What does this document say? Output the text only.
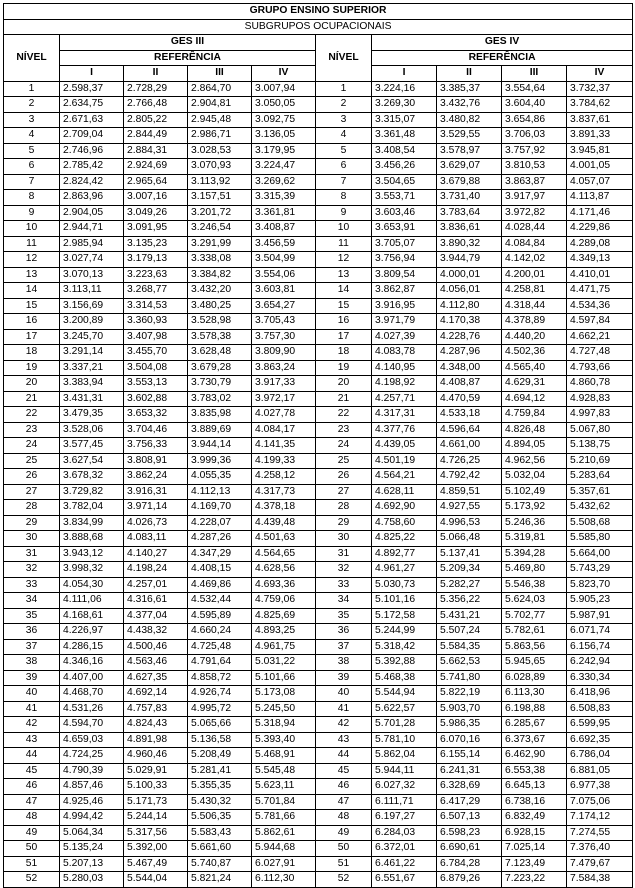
GRUPO ENSINO SUPERIOR									
SUBGRUPOS OCUPACIONAIS									
NÍVEL	GES III				NÍVEL	GES IV			
	REFERÊNCIA					REFERÊNCIA			
	I	II	III	IV		I	II	III	IV
1	2.598,37	2.728,29	2.864,70	3.007,94	1	3.224,16	3.385,37	3.554,64	3.732,37
2	2.634,75	2.766,48	2.904,81	3.050,05	2	3.269,30	3.432,76	3.604,40	3.784,62
3	2.671,63	2.805,22	2.945,48	3.092,75	3	3.315,07	3.480,82	3.654,86	3.837,61
4	2.709,04	2.844,49	2.986,71	3.136,05	4	3.361,48	3.529,55	3.706,03	3.891,33
5	2.746,96	2.884,31	3.028,53	3.179,95	5	3.408,54	3.578,97	3.757,92	3.945,81
6	2.785,42	2.924,69	3.070,93	3.224,47	6	3.456,26	3.629,07	3.810,53	4.001,05
7	2.824,42	2.965,64	3.113,92	3.269,62	7	3.504,65	3.679,88	3.863,87	4.057,07
8	2.863,96	3.007,16	3.157,51	3.315,39	8	3.553,71	3.731,40	3.917,97	4.113,87
9	2.904,05	3.049,26	3.201,72	3.361,81	9	3.603,46	3.783,64	3.972,82	4.171,46
10	2.944,71	3.091,95	3.246,54	3.408,87	10	3.653,91	3.836,61	4.028,44	4.229,86
11	2.985,94	3.135,23	3.291,99	3.456,59	11	3.705,07	3.890,32	4.084,84	4.289,08
12	3.027,74	3.179,13	3.338,08	3.504,99	12	3.756,94	3.944,79	4.142,02	4.349,13
13	3.070,13	3.223,63	3.384,82	3.554,06	13	3.809,54	4.000,01	4.200,01	4.410,01
14	3.113,11	3.268,77	3.432,20	3.603,81	14	3.862,87	4.056,01	4.258,81	4.471,75
15	3.156,69	3.314,53	3.480,25	3.654,27	15	3.916,95	4.112,80	4.318,44	4.534,36
16	3.200,89	3.360,93	3.528,98	3.705,43	16	3.971,79	4.170,38	4.378,89	4.597,84
17	3.245,70	3.407,98	3.578,38	3.757,30	17	4.027,39	4.228,76	4.440,20	4.662,21
18	3.291,14	3.455,70	3.628,48	3.809,90	18	4.083,78	4.287,96	4.502,36	4.727,48
19	3.337,21	3.504,08	3.679,28	3.863,24	19	4.140,95	4.348,00	4.565,40	4.793,66
20	3.383,94	3.553,13	3.730,79	3.917,33	20	4.198,92	4.408,87	4.629,31	4.860,78
21	3.431,31	3.602,88	3.783,02	3.972,17	21	4.257,71	4.470,59	4.694,12	4.928,83
22	3.479,35	3.653,32	3.835,98	4.027,78	22	4.317,31	4.533,18	4.759,84	4.997,83
23	3.528,06	3.704,46	3.889,69	4.084,17	23	4.377,76	4.596,64	4.826,48	5.067,80
24	3.577,45	3.756,33	3.944,14	4.141,35	24	4.439,05	4.661,00	4.894,05	5.138,75
25	3.627,54	3.808,91	3.999,36	4.199,33	25	4.501,19	4.726,25	4.962,56	5.210,69
26	3.678,32	3.862,24	4.055,35	4.258,12	26	4.564,21	4.792,42	5.032,04	5.283,64
27	3.729,82	3.916,31	4.112,13	4.317,73	27	4.628,11	4.859,51	5.102,49	5.357,61
28	3.782,04	3.971,14	4.169,70	4.378,18	28	4.692,90	4.927,55	5.173,92	5.432,62
29	3.834,99	4.026,73	4.228,07	4.439,48	29	4.758,60	4.996,53	5.246,36	5.508,68
30	3.888,68	4.083,11	4.287,26	4.501,63	30	4.825,22	5.066,48	5.319,81	5.585,80
31	3.943,12	4.140,27	4.347,29	4.564,65	31	4.892,77	5.137,41	5.394,28	5.664,00
32	3.998,32	4.198,24	4.408,15	4.628,56	32	4.961,27	5.209,34	5.469,80	5.743,29
33	4.054,30	4.257,01	4.469,86	4.693,36	33	5.030,73	5.282,27	5.546,38	5.823,70
34	4.111,06	4.316,61	4.532,44	4.759,06	34	5.101,16	5.356,22	5.624,03	5.905,23
35	4.168,61	4.377,04	4.595,89	4.825,69	35	5.172,58	5.431,21	5.702,77	5.987,91
36	4.226,97	4.438,32	4.660,24	4.893,25	36	5.244,99	5.507,24	5.782,61	6.071,74
37	4.286,15	4.500,46	4.725,48	4.961,75	37	5.318,42	5.584,35	5.863,56	6.156,74
38	4.346,16	4.563,46	4.791,64	5.031,22	38	5.392,88	5.662,53	5.945,65	6.242,94
39	4.407,00	4.627,35	4.858,72	5.101,66	39	5.468,38	5.741,80	6.028,89	6.330,34
40	4.468,70	4.692,14	4.926,74	5.173,08	40	5.544,94	5.822,19	6.113,30	6.418,96
41	4.531,26	4.757,83	4.995,72	5.245,50	41	5.622,57	5.903,70	6.198,88	6.508,83
42	4.594,70	4.824,43	5.065,66	5.318,94	42	5.701,28	5.986,35	6.285,67	6.599,95
43	4.659,03	4.891,98	5.136,58	5.393,40	43	5.781,10	6.070,16	6.373,67	6.692,35
44	4.724,25	4.960,46	5.208,49	5.468,91	44	5.862,04	6.155,14	6.462,90	6.786,04
45	4.790,39	5.029,91	5.281,41	5.545,48	45	5.944,11	6.241,31	6.553,38	6.881,05
46	4.857,46	5.100,33	5.355,35	5.623,11	46	6.027,32	6.328,69	6.645,13	6.977,38
47	4.925,46	5.171,73	5.430,32	5.701,84	47	6.111,71	6.417,29	6.738,16	7.075,06
48	4.994,42	5.244,14	5.506,35	5.781,66	48	6.197,27	6.507,13	6.832,49	7.174,12
49	5.064,34	5.317,56	5.583,43	5.862,61	49	6.284,03	6.598,23	6.928,15	7.274,55
50	5.135,24	5.392,00	5.661,60	5.944,68	50	6.372,01	6.690,61	7.025,14	7.376,40
51	5.207,13	5.467,49	5.740,87	6.027,91	51	6.461,22	6.784,28	7.123,49	7.479,67
52	5.280,03	5.544,04	5.821,24	6.112,30	52	6.551,67	6.879,26	7.223,22	7.584,38
